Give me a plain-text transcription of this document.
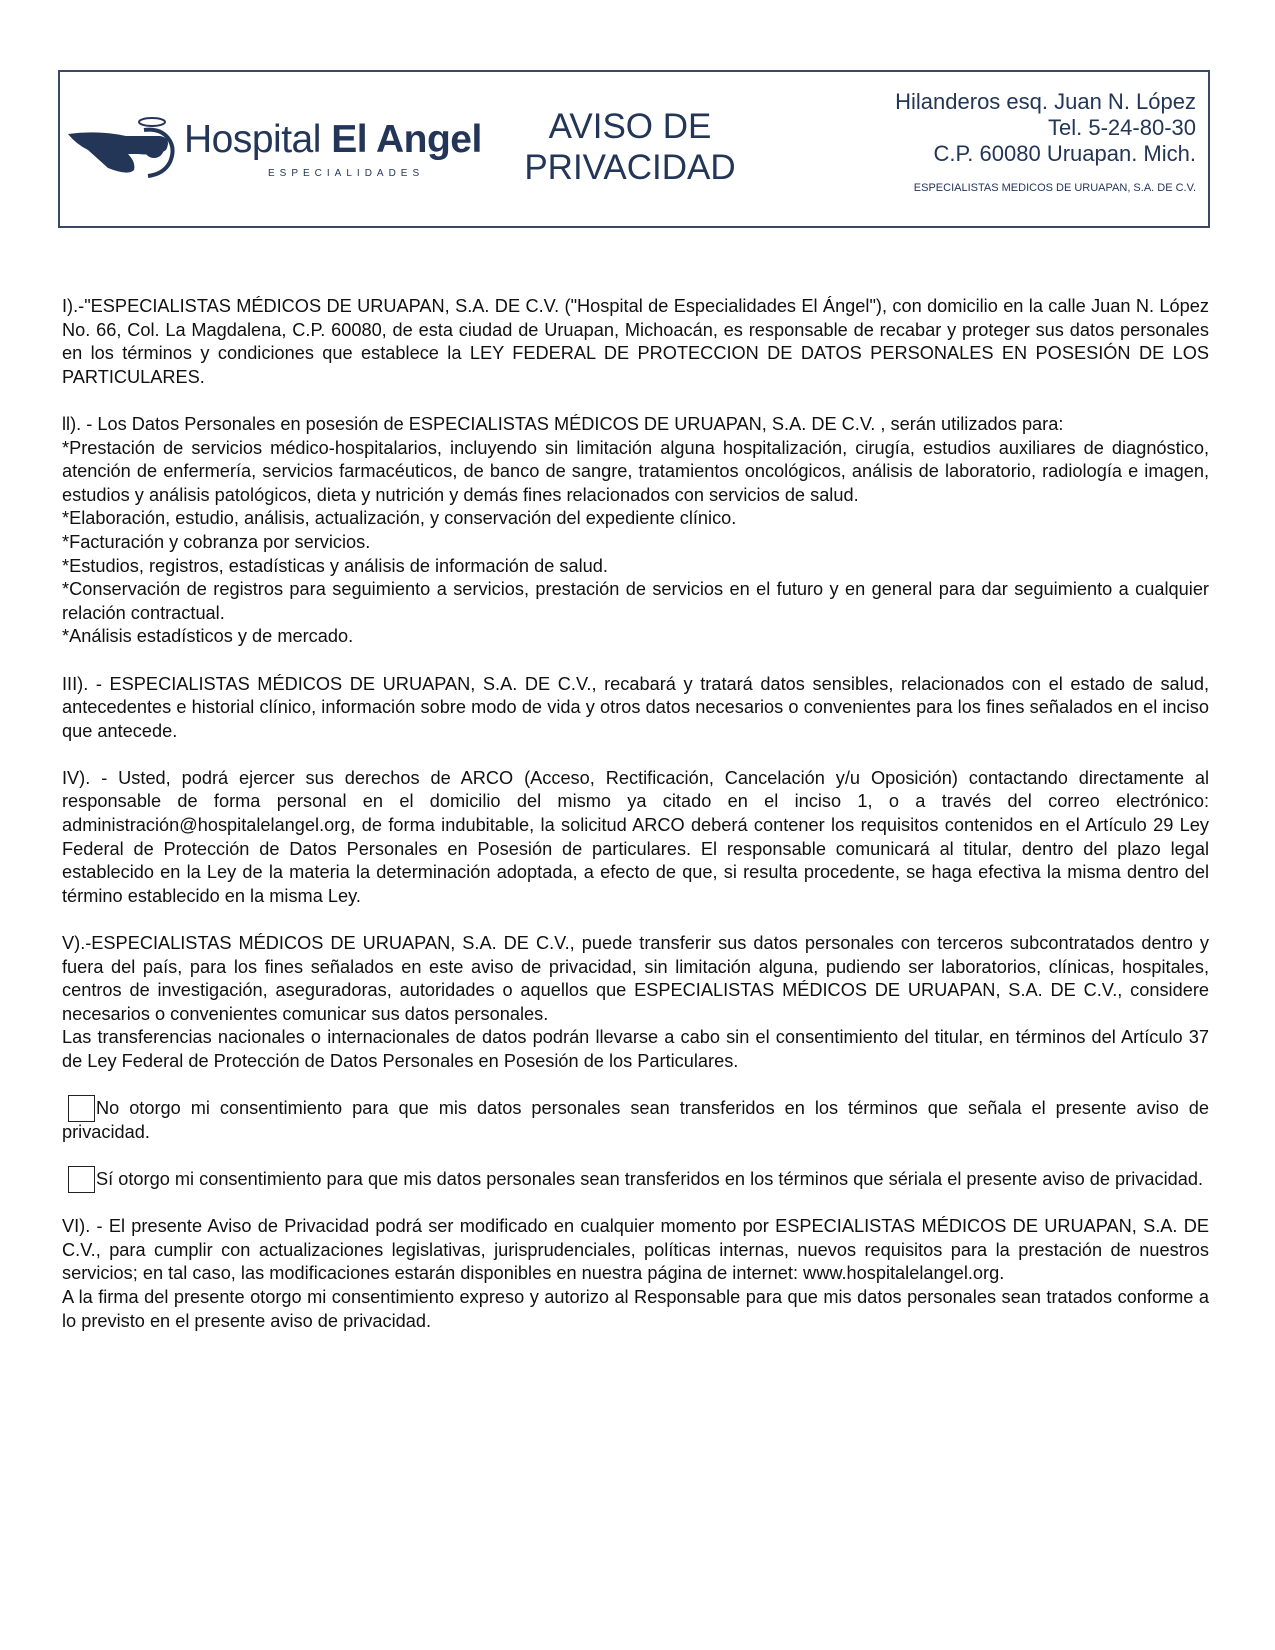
Hospital El Angel
ESPECIALIDADES
AVISO DE
PRIVACIDAD
Hilanderos esq. Juan N. López
Tel. 5-24-80-30
C.P. 60080 Uruapan. Mich.
ESPECIALISTAS MEDICOS DE URUAPAN, S.A. DE C.V.

I).-"ESPECIALISTAS MÉDICOS DE URUAPAN, S.A. DE C.V. ("Hospital de Especialidades El Ángel"), con domicilio en la calle Juan N. López No. 66, Col. La Magdalena, C.P. 60080, de esta ciudad de Uruapan, Michoacán, es responsable de recabar y proteger sus datos personales en los términos y condiciones que establece la LEY FEDERAL DE PROTECCION DE DATOS PERSONALES EN POSESIÓN DE LOS PARTICULARES.

ll). - Los Datos Personales en posesión de ESPECIALISTAS MÉDICOS DE URUAPAN, S.A. DE C.V. , serán utilizados para:

*Prestación de servicios médico-hospitalarios, incluyendo sin limitación alguna hospitalización, cirugía, estudios auxiliares de diagnóstico, atención de enfermería, servicios farmacéuticos, de banco de sangre, tratamientos oncológicos, análisis de laboratorio, radiología e imagen, estudios y análisis patológicos, dieta y nutrición y demás fines relacionados con servicios de salud.

*Elaboración, estudio, análisis, actualización, y conservación del expediente clínico.

*Facturación y cobranza por servicios.

*Estudios, registros, estadísticas y análisis de información de salud.

*Conservación de registros para seguimiento a servicios, prestación de servicios en el futuro y en general para dar seguimiento a cualquier relación contractual.

*Análisis estadísticos y de mercado.

III). - ESPECIALISTAS MÉDICOS DE URUAPAN, S.A. DE C.V., recabará y tratará datos sensibles, relacionados con el estado de salud, antecedentes e historial clínico, información sobre modo de vida y otros datos necesarios o convenientes para los fines señalados en el inciso que antecede.

IV). - Usted, podrá ejercer sus derechos de ARCO (Acceso, Rectificación, Cancelación y/u Oposición) contactando directamente al responsable de forma personal en el domicilio del mismo ya citado en el inciso 1, o a través del correo electrónico: administración@hospitalelangel.org, de forma indubitable, la solicitud ARCO deberá contener los requisitos contenidos en el Artículo 29 Ley Federal de Protección de Datos Personales en Posesión de particulares. El responsable comunicará al titular, dentro del plazo legal establecido en la Ley de la materia la determinación adoptada, a efecto de que, si resulta procedente, se haga efectiva la misma dentro del término establecido en la misma Ley.

V).-ESPECIALISTAS MÉDICOS DE URUAPAN, S.A. DE C.V., puede transferir sus datos personales con terceros subcontratados dentro y fuera del país, para los fines señalados en este aviso de privacidad, sin limitación alguna, pudiendo ser laboratorios, clínicas, hospitales, centros de investigación, aseguradoras, autoridades o aquellos que ESPECIALISTAS MÉDICOS DE URUAPAN, S.A. DE C.V., considere necesarios o convenientes comunicar sus datos personales.

Las transferencias nacionales o internacionales de datos podrán llevarse a cabo sin el consentimiento del titular, en términos del Artículo 37 de Ley Federal de Protección de Datos Personales en Posesión de los Particulares.

No otorgo mi consentimiento para que mis datos personales sean transferidos en los términos que señala el presente aviso de privacidad.
Sí otorgo mi consentimiento para que mis datos personales sean transferidos en los términos que sériala el presente aviso de privacidad.

VI). - El presente Aviso de Privacidad podrá ser modificado en cualquier momento por ESPECIALISTAS MÉDICOS DE URUAPAN, S.A. DE C.V., para cumplir con actualizaciones legislativas, jurisprudenciales, políticas internas, nuevos requisitos para la prestación de nuestros servicios; en tal caso, las modificaciones estarán disponibles en nuestra página de internet: www.hospitalelangel.org.

A la firma del presente otorgo mi consentimiento expreso y autorizo al Responsable para que mis datos personales sean tratados conforme a lo previsto en el presente aviso de privacidad.
